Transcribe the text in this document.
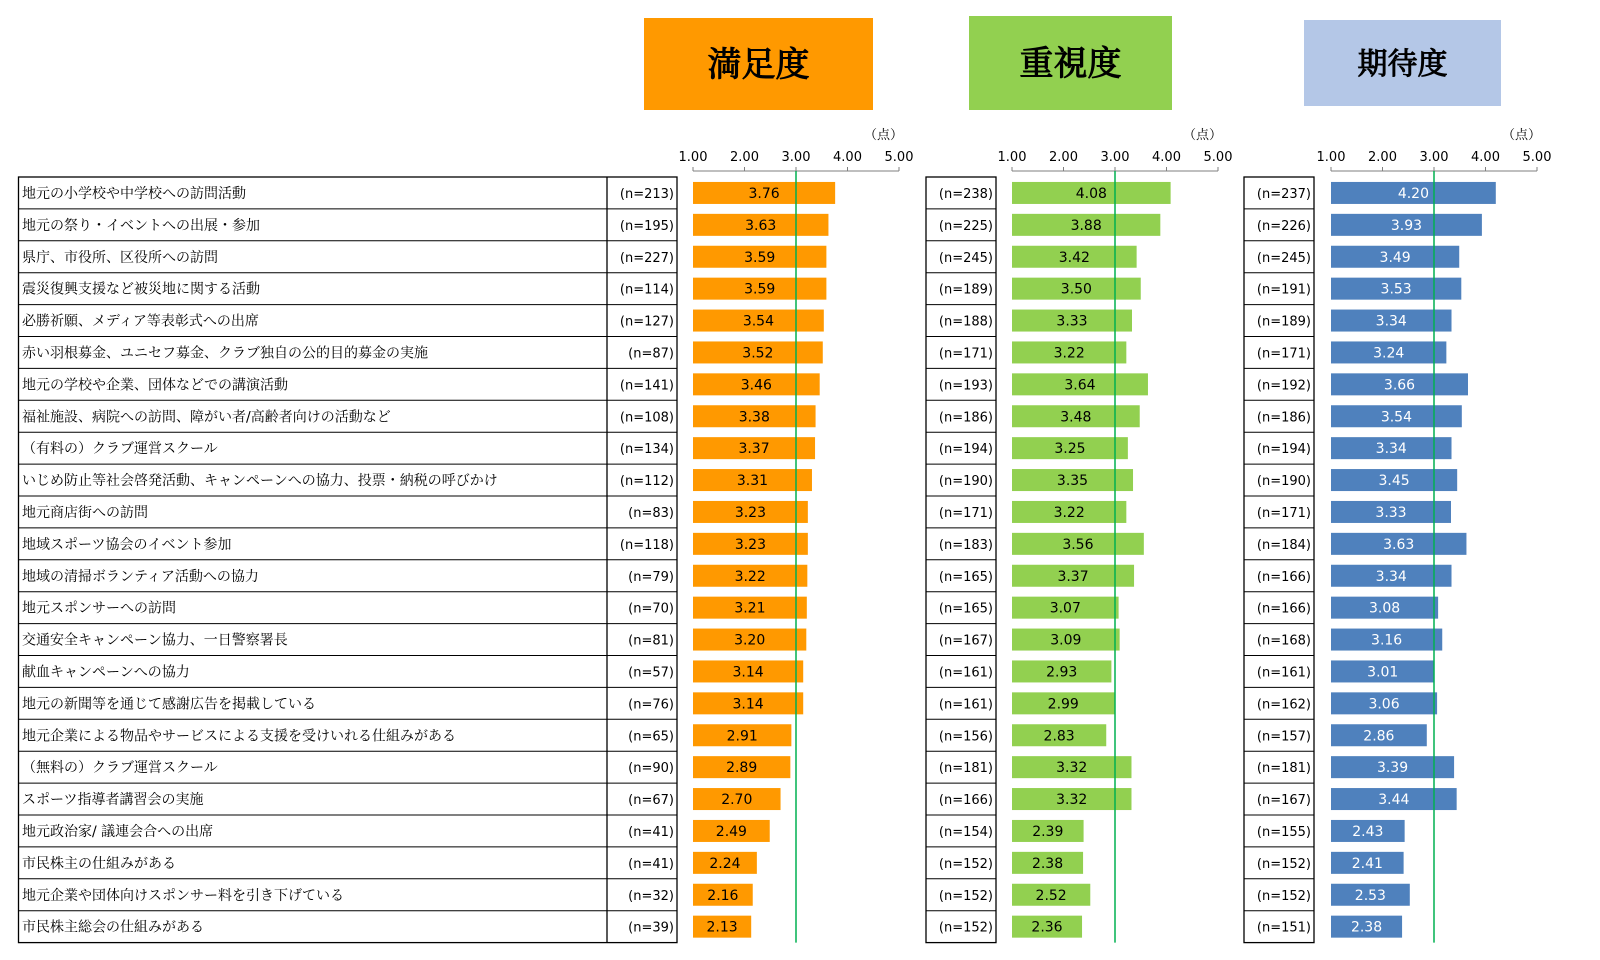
地元の小学校や中学校への訪問活動
地元の祭り・イベントへの出展・参加
県庁、市役所、区役所への訪問
震災復興支援など被災地に関する活動
必勝祈願、メディア等表彰式への出席
赤い羽根募金、ユニセフ募金、クラブ独自の公的目的募金の実施
地元の学校や企業、団体などでの講演活動
福祉施設、病院への訪問、障がい者/高齢者向けの活動など
（有料の）クラブ運営スクール
いじめ防止等社会啓発活動、キャンペーンへの協力、投票・納税の呼びかけ
地元商店街への訪問
地域スポーツ協会のイベント参加
地域の清掃ボランティア活動への協力
地元スポンサーへの訪問
交通安全キャンペーン協力、一日警察署長
献血キャンペーンへの協力
地元の新聞等を通じて感謝広告を掲載している
地元企業による物品やサービスによる支援を受けいれる仕組みがある
（無料の）クラブ運営スクール
スポーツ指導者講習会の実施
地元政治家/ 議連会合への出席
市民株主の仕組みがある
地元企業や団体向けスポンサー料を引き下げている
市民株主総会の仕組みがある
満足度
1.00 2.00 3.00 4.00 5.00
（点）
3.76
(n=213)
3.63
(n=195)
3.59
(n=227)
3.59
(n=114)
3.54
(n=127)
3.52
(n=87)
3.46
(n=141)
3.38
(n=108)
3.37
(n=134)
3.31
(n=112)
3.23
(n=83)
3.23
(n=118)
3.22
(n=79)
3.21
(n=70)
3.20
(n=81)
3.14
(n=57)
3.14
(n=76)
2.91
(n=65)
2.89
(n=90)
2.70
(n=67)
2.49
(n=41)
2.24
(n=41)
2.16
(n=32)
2.13
(n=39)
重視度
1.00 2.00 3.00 4.00 5.00
（点）
4.08
(n=238)
3.88
(n=225)
3.42
(n=245)
3.50
(n=189)
3.33
(n=188)
3.22
(n=171)
3.64
(n=193)
3.48
(n=186)
3.25
(n=194)
3.35
(n=190)
3.22
(n=171)
3.56
(n=183)
3.37
(n=165)
3.07
(n=165)
3.09
(n=167)
2.93
(n=161)
2.99
(n=161)
2.83
(n=156)
3.32
(n=181)
3.32
(n=166)
2.39
(n=154)
2.38
(n=152)
2.52
(n=152)
2.36
(n=152)
期待度
1.00 2.00 3.00 4.00 5.00
（点）
4.20
(n=237)
3.93
(n=226)
3.49
(n=245)
3.53
(n=191)
3.34
(n=189)
3.24
(n=171)
3.66
(n=192)
3.54
(n=186)
3.34
(n=194)
3.45
(n=190)
3.33
(n=171)
3.63
(n=184)
3.34
(n=166)
3.08
(n=166)
3.16
(n=168)
3.01
(n=161)
3.06
(n=162)
2.86
(n=157)
3.39
(n=181)
3.44
(n=167)
2.43
(n=155)
2.41
(n=152)
2.53
(n=152)
2.38
(n=151)
